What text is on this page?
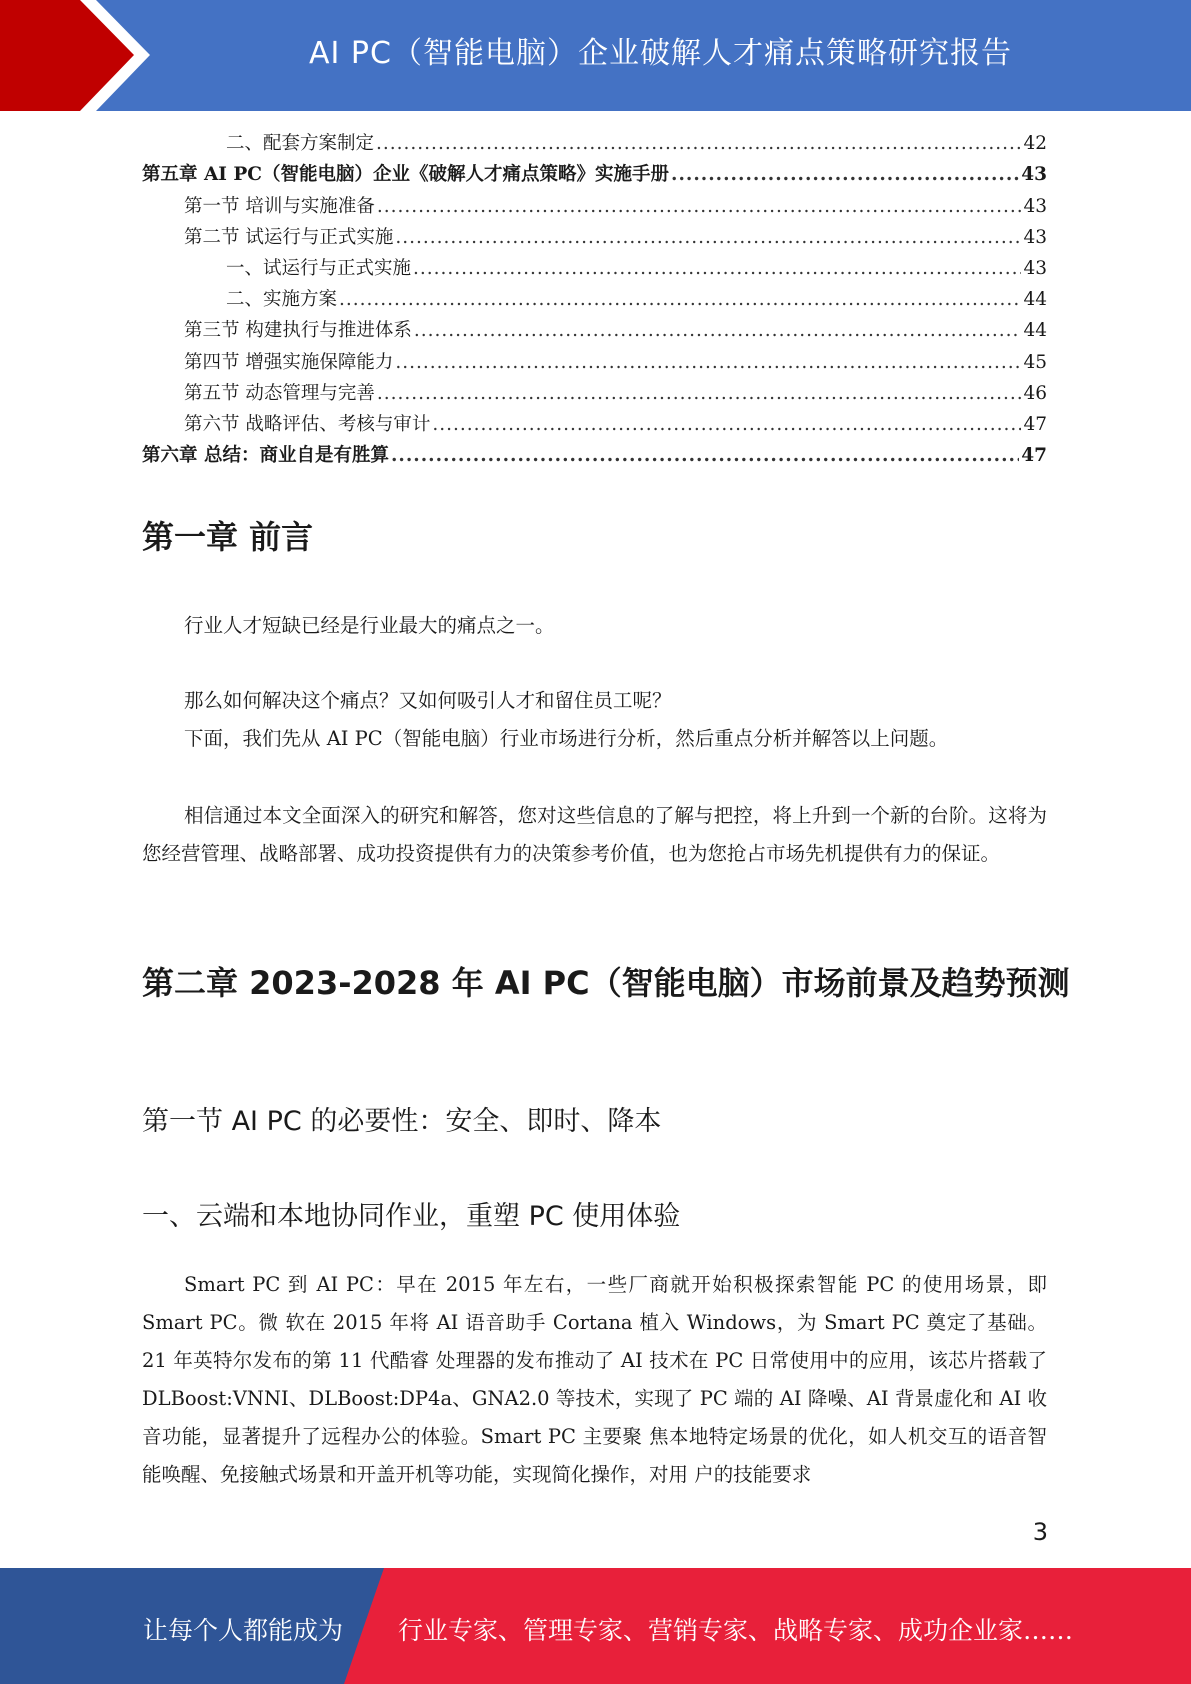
AI PC（智能电脑）企业破解人才痛点策略研究报告
二、配套方案制定 .....	42
第五章 AI PC（智能电脑）企业《破解人才痛点策略》实施手册 .....	43
第一节 培训与实施准备 .....	43
第二节 试运行与正式实施 .....	43
一、试运行与正式实施 .....	43
二、实施方案 .....	44
第三节 构建执行与推进体系 .....	44
第四节 增强实施保障能力 .....	45
第五节 动态管理与完善 .....	46
第六节 战略评估、考核与审计 .....	47
第六章 总结：商业自是有胜算 .....	47
第一章 前言
行业人才短缺已经是行业最大的痛点之一。
那么如何解决这个痛点？又如何吸引人才和留住员工呢？
下面，我们先从 AI PC（智能电脑）行业市场进行分析，然后重点分析并解答以上问题。
相信通过本文全面深入的研究和解答，您对这些信息的了解与把控，将上升到一个新的台阶。这将为您经营管理、战略部署、成功投资提供有力的决策参考价值，也为您抢占市场先机提供有力的保证。
第二章 2023-2028 年 AI PC（智能电脑）市场前景及趋势预测
第一节 AI PC 的必要性：安全、即时、降本
一、云端和本地协同作业，重塑 PC 使用体验
Smart PC 到 AI PC：早在 2015 年左右，一些厂商就开始积极探索智能 PC 的使用场景，即 Smart PC。微 软在 2015 年将 AI 语音助手 Cortana 植入 Windows，为 Smart PC 奠定了基础。21 年英特尔发布的第 11 代酷睿 处理器的发布推动了 AI 技术在 PC 日常使用中的应用，该芯片搭载了 DLBoost:VNNI、DLBoost:DP4a、GNA2.0 等技术，实现了 PC 端的 AI 降噪、AI 背景虚化和 AI 收音功能，显著提升了远程办公的体验。Smart PC 主要聚 焦本地特定场景的优化，如人机交互的语音智能唤醒、免接触式场景和开盖开机等功能，实现简化操作，对用 户的技能要求
3
让每个人都能成为 行业专家、管理专家、营销专家、战略专家、成功企业家……
